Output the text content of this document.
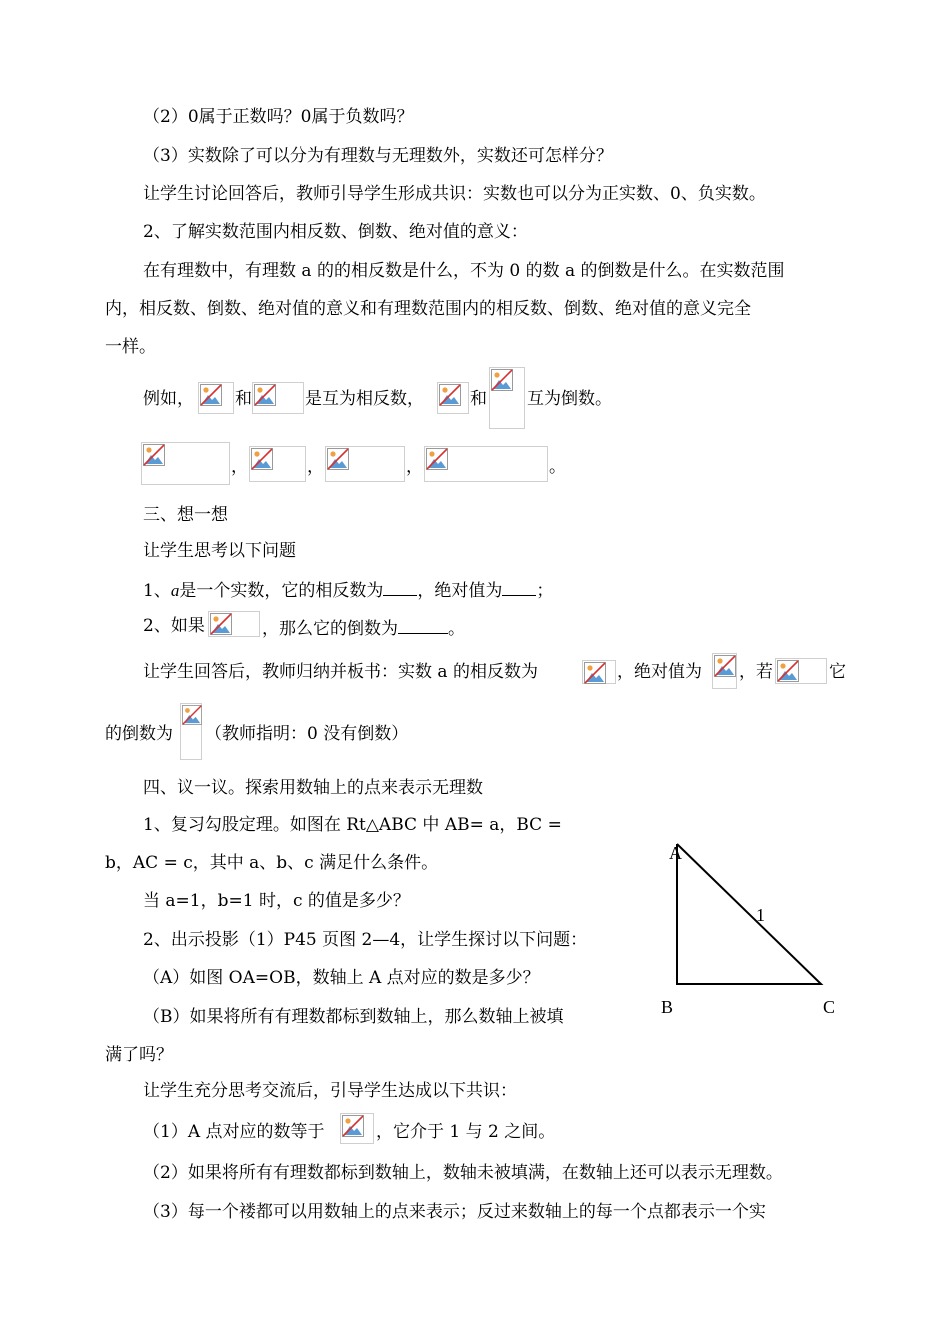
（2）0属于正数吗？0属于负数吗？
（3）实数除了可以分为有理数与无理数外，实数还可怎样分？
让学生讨论回答后，教师引导学生形成共识：实数也可以分为正实数、0、负实数。
2、了解实数范围内相反数、倒数、绝对值的意义：
在有理数中，有理数 a 的的相反数是什么，不为 0 的数 a 的倒数是什么。在实数范围
内，相反数、倒数、绝对值的意义和有理数范围内的相反数、倒数、绝对值的意义完全
一样。
例如， 和	是互为相反数，	和 互为倒数。
，	，	，	。
三、想一想
让学生思考以下问题
1、a是一个实数，它的相反数为 ，绝对值为 ；
2、如果	，那么它的倒数为	。
让学生回答后，教师归纳并板书：实数 a 的相反数为	，绝对值为 ，若	它
的倒数为 （教师指明：0 没有倒数）
四、议一议。探索用数轴上的点来表示无理数
1、复习勾股定理。如图在 Rt△ABC 中 AB= a，BC =
b，AC = c，其中 a、b、c 满足什么条件。
当 a=1，b=1 时，c 的值是多少？
2、出示投影（1）P45 页图 2—4，让学生探讨以下问题：
（A）如图 OA=OB，数轴上 A 点对应的数是多少？
（B）如果将所有有理数都标到数轴上，那么数轴上被填
满了吗？
让学生充分思考交流后，引导学生达成以下共识：
（1）A 点对应的数等于	，它介于 1 与 2 之间。
（2）如果将所有有理数都标到数轴上，数轴未被填满，在数轴上还可以表示无理数。
（3）每一个褛都可以用数轴上的点来表示；反过来数轴上的每一个点都表示一个实
A
B	C
1
